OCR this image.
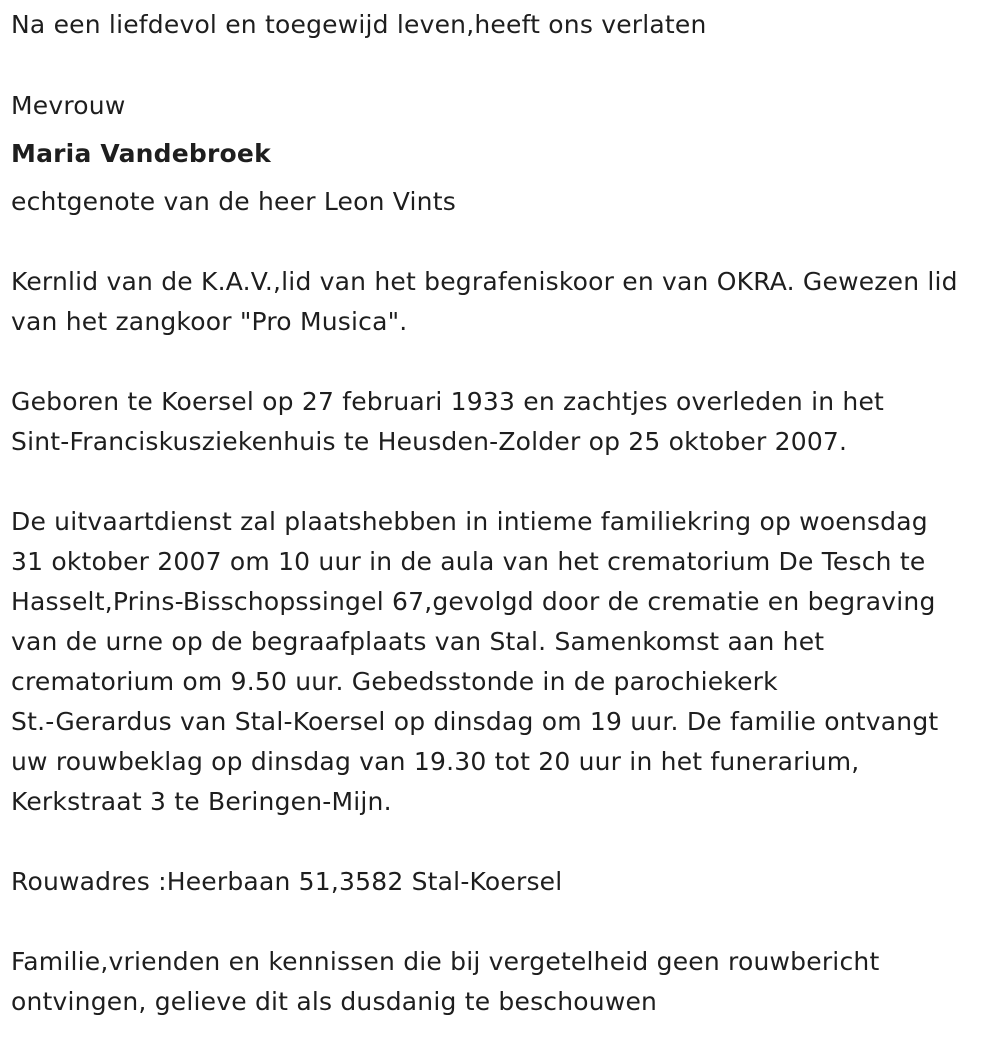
Na een liefdevol en toegewijd leven,heeft ons verlaten
Mevrouw
Maria Vandebroek
echtgenote van de heer Leon Vints
Kernlid van de K.A.V.,lid van het begrafeniskoor en van OKRA. Gewezen lid
van het zangkoor "Pro Musica".
Geboren te Koersel op 27 februari 1933 en zachtjes overleden in het
Sint-Franciskusziekenhuis te Heusden-Zolder op 25 oktober 2007.
De uitvaartdienst zal plaatshebben in intieme familiekring op woensdag
31 oktober 2007 om 10 uur in de aula van het crematorium De Tesch te
Hasselt,Prins-Bisschopssingel 67,gevolgd door de crematie en begraving
van de urne op de begraafplaats van Stal. Samenkomst aan het
crematorium om 9.50 uur. Gebedsstonde in de parochiekerk
St.-Gerardus van Stal-Koersel op dinsdag om 19 uur. De familie ontvangt
uw rouwbeklag op dinsdag van 19.30 tot 20 uur in het funerarium,
Kerkstraat 3 te Beringen-Mijn.
Rouwadres :Heerbaan 51,3582 Stal-Koersel
Familie,vrienden en kennissen die bij vergetelheid geen rouwbericht
ontvingen, gelieve dit als dusdanig te beschouwen
